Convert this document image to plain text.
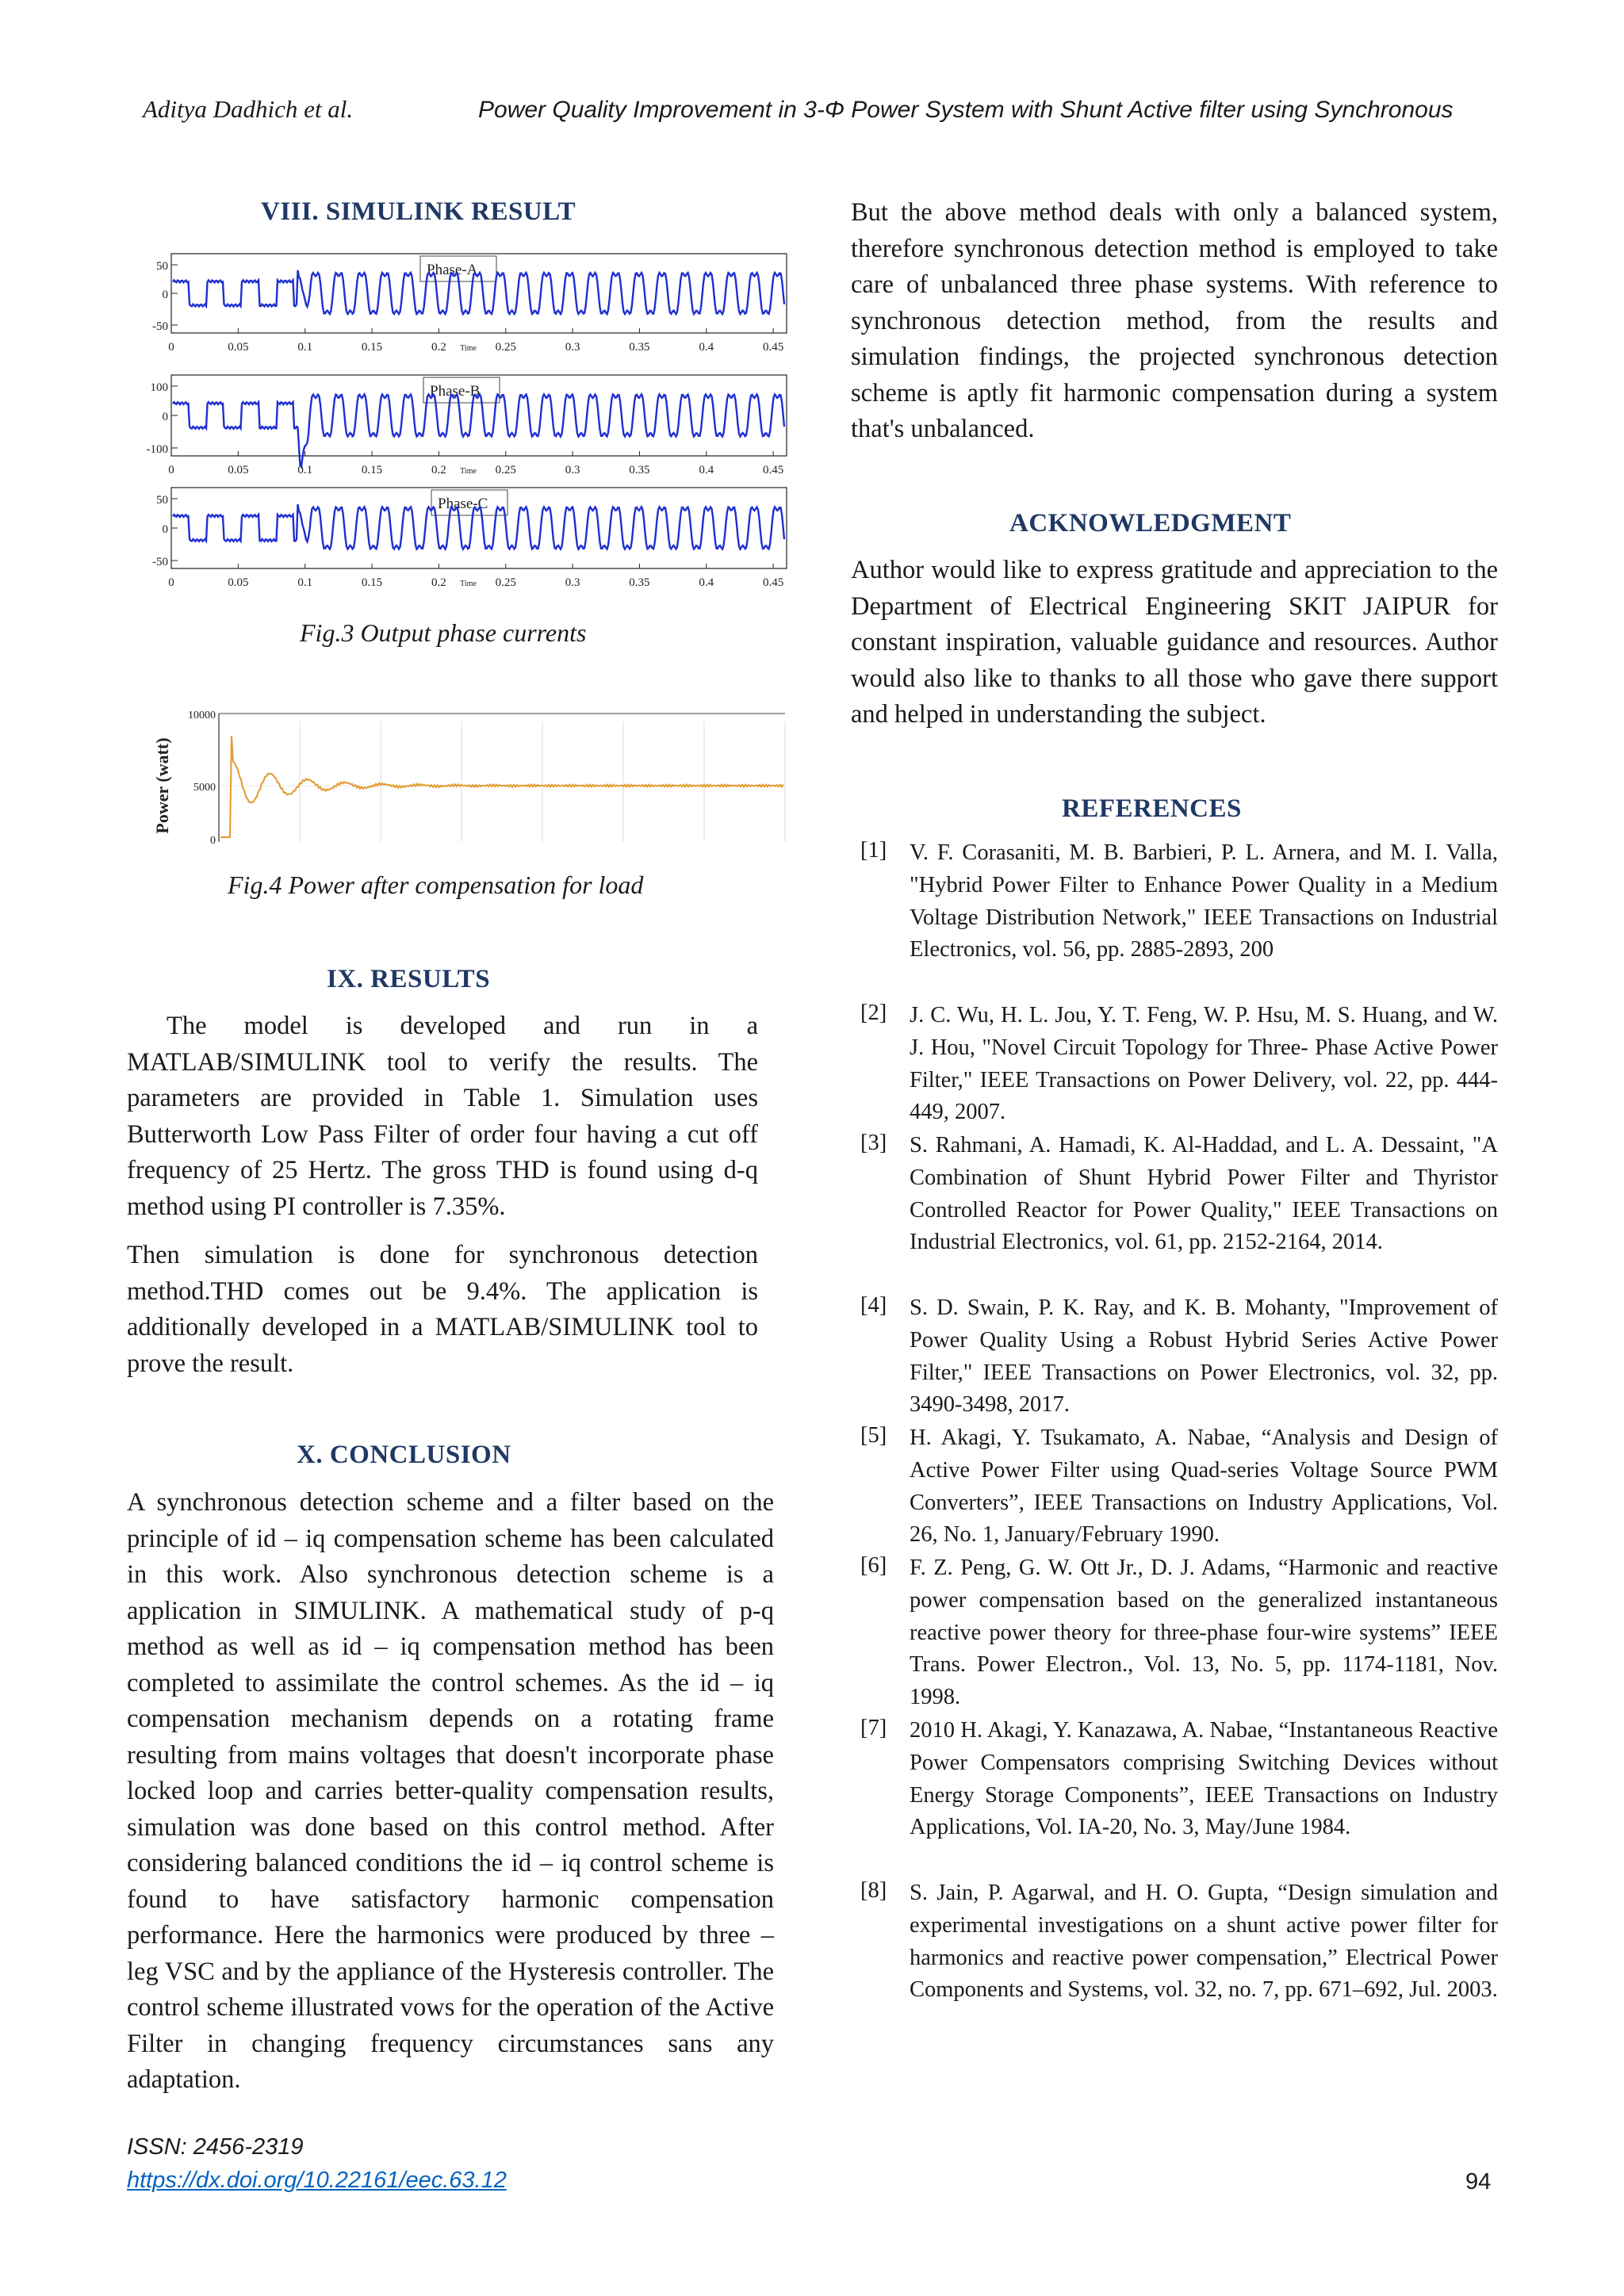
Aditya Dadhich et al.	Power Quality Improvement in 3-Φ Power System with Shunt Active filter using Synchronous
VIII. SIMULINK RESULT
50
0
-50
0	0.05	0.1	0.15	0.2	0.25	0.3	0.35	0.4	0.45
Time
Phase-A
100
0
-100
0	0.05	0.1	0.15	0.2	0.25	0.3	0.35	0.4	0.45
Time
Phase-B
50
0
-50
0	0.05	0.1	0.15	0.2	0.25	0.3	0.35	0.4	0.45
Time
Phase-C
Fig.3 Output phase currents
10000
5000
0
Power (watt)
Fig.4 Power after compensation for load
IX. RESULTS
The model is developed and run in a MATLAB/SIMULINK tool to verify the results. The parameters are provided in Table 1. Simulation uses Butterworth Low Pass Filter of order four having a cut off frequency of 25 Hertz. The gross THD is found using d-q method using PI controller is 7.35%.
Then simulation is done for synchronous detection method.THD comes out be 9.4%. The application is additionally developed in a MATLAB/SIMULINK tool to prove the result.
X. CONCLUSION
A synchronous detection scheme and a filter based on the principle of id – iq compensation scheme has been calculated in this work. Also synchronous detection scheme is a application in SIMULINK. A mathematical study of p-q method as well as id – iq compensation method has been completed to assimilate the control schemes. As the id – iq compensation mechanism depends on a rotating frame resulting from mains voltages that doesn't incorporate phase locked loop and carries better-quality compensation results, simulation was done based on this control method. After considering balanced conditions the id – iq control scheme is found to have satisfactory harmonic compensation performance. Here the harmonics were produced by three – leg VSC and by the appliance of the Hysteresis controller. The control scheme illustrated vows for the operation of the Active Filter in changing frequency circumstances sans any adaptation.
But the above method deals with only a balanced system, therefore synchronous detection method is employed to take care of unbalanced three phase systems. With reference to synchronous detection method, from the results and simulation findings, the projected synchronous detection scheme is aptly fit harmonic compensation during a system that's unbalanced.
ACKNOWLEDGMENT
Author would like to express gratitude and appreciation to the Department of Electrical Engineering SKIT JAIPUR for constant inspiration, valuable guidance and resources. Author would also like to thanks to all those who gave there support and helped in understanding the subject.
REFERENCES
[1] V. F. Corasaniti, M. B. Barbieri, P. L. Arnera, and M. I. Valla, "Hybrid Power Filter to Enhance Power Quality in a Medium Voltage Distribution Network," IEEE Transactions on Industrial Electronics, vol. 56, pp. 2885-2893, 200
[2] J. C. Wu, H. L. Jou, Y. T. Feng, W. P. Hsu, M. S. Huang, and W. J. Hou, "Novel Circuit Topology for Three- Phase Active Power Filter," IEEE Transactions on Power Delivery, vol. 22, pp. 444- 449, 2007.
[3] S. Rahmani, A. Hamadi, K. Al-Haddad, and L. A. Dessaint, "A Combination of Shunt Hybrid Power Filter and Thyristor Controlled Reactor for Power Quality," IEEE Transactions on Industrial Electronics, vol. 61, pp. 2152-2164, 2014.
[4] S. D. Swain, P. K. Ray, and K. B. Mohanty, "Improvement of Power Quality Using a Robust Hybrid Series Active Power Filter," IEEE Transactions on Power Electronics, vol. 32, pp. 3490-3498, 2017.
[5] H. Akagi, Y. Tsukamato, A. Nabae, “Analysis and Design of Active Power Filter using Quad-series Voltage Source PWM Converters”, IEEE Transactions on Industry Applications, Vol. 26, No. 1, January/February 1990.
[6] F. Z. Peng, G. W. Ott Jr., D. J. Adams, “Harmonic and reactive power compensation based on the generalized instantaneous reactive power theory for three-phase four-wire systems” IEEE Trans. Power Electron., Vol. 13, No. 5, pp. 1174-1181, Nov. 1998.
[7] 2010 H. Akagi, Y. Kanazawa, A. Nabae, “Instantaneous Reactive Power Compensators comprising Switching Devices without Energy Storage Components”, IEEE Transactions on Industry Applications, Vol. IA-20, No. 3, May/June 1984.
[8] S. Jain, P. Agarwal, and H. O. Gupta, “Design simulation and experimental investigations on a shunt active power filter for harmonics and reactive power compensation,” Electrical Power Components and Systems, vol. 32, no. 7, pp. 671–692, Jul. 2003.
ISSN: 2456-2319
https://dx.doi.org/10.22161/eec.63.12	94
